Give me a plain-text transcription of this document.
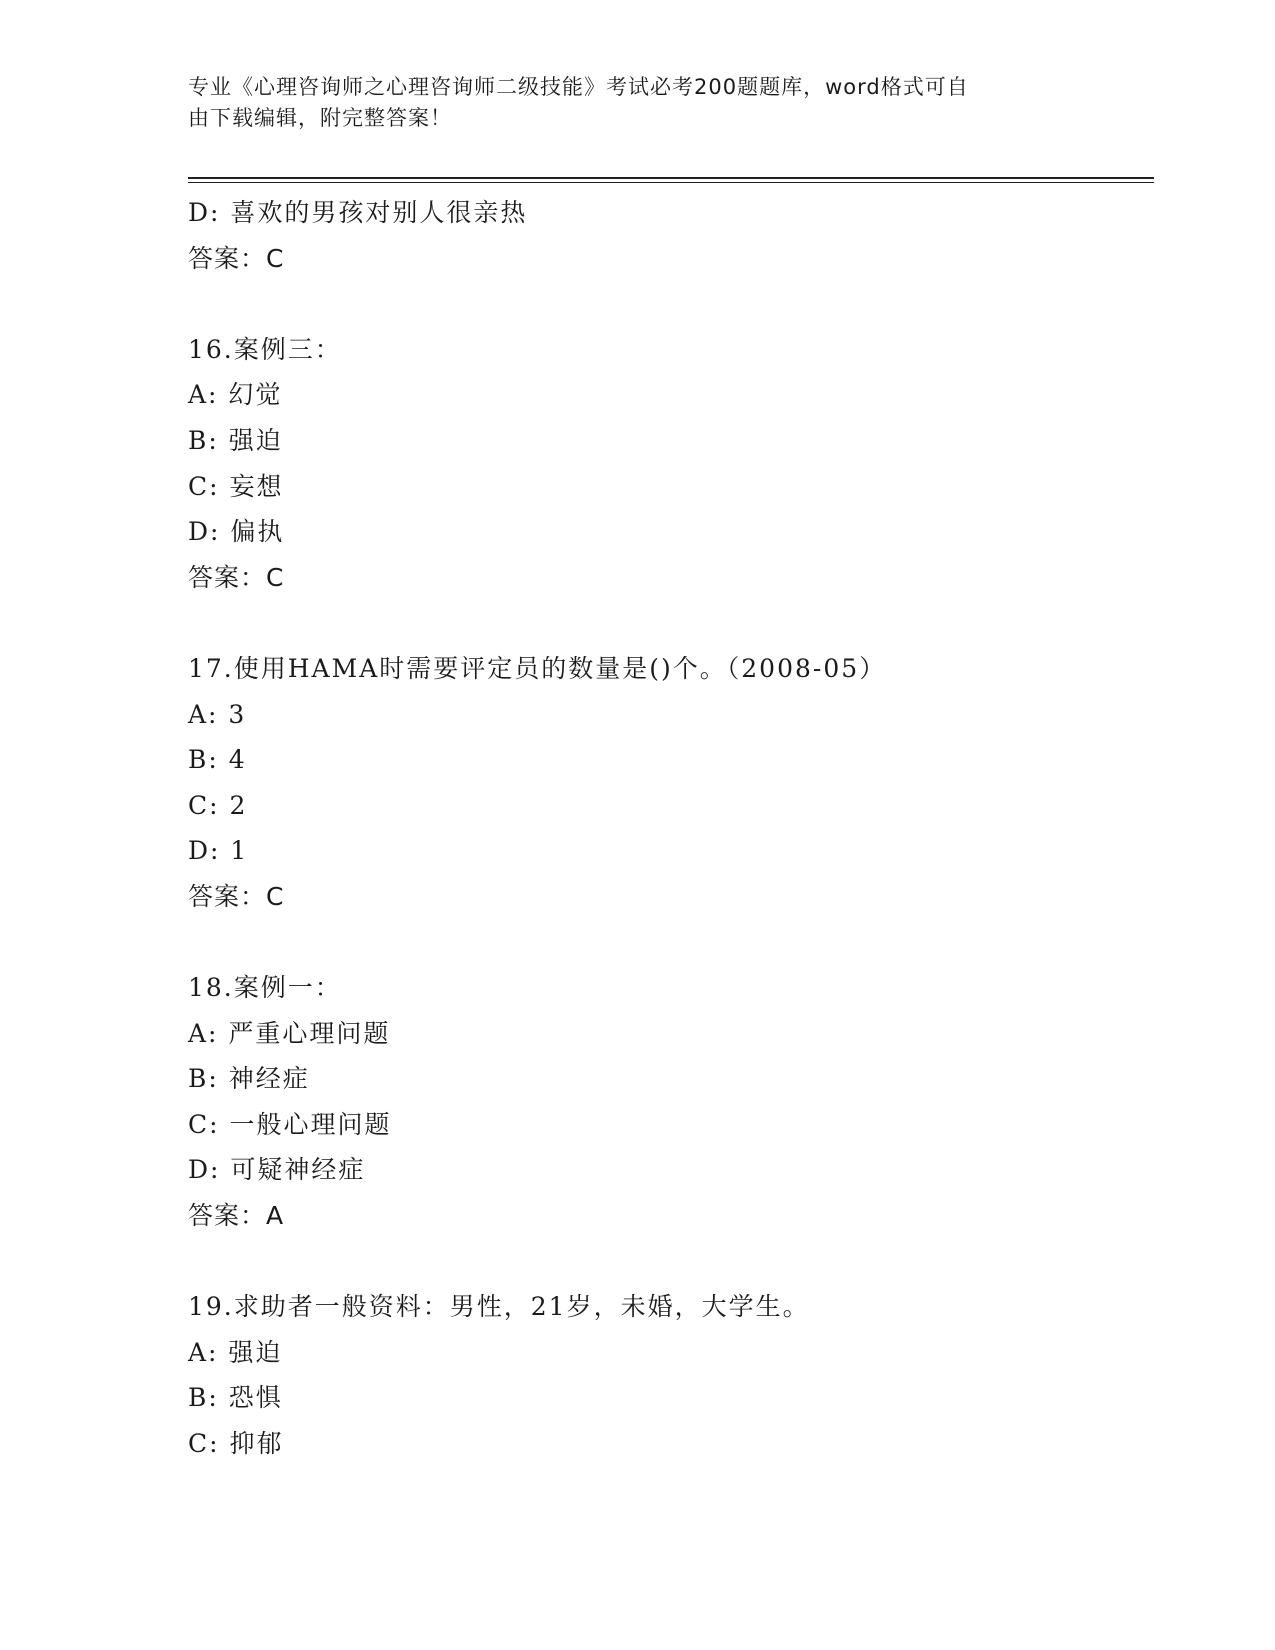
专业《心理咨询师之心理咨询师二级技能》考试必考200题题库，word格式可自
由下载编辑，附完整答案！
D: 喜欢的男孩对别人很亲热
答案：C
16.案例三：
A: 幻觉
B: 强迫
C: 妄想
D: 偏执
答案：C
17.使用HAMA时需要评定员的数量是()个。（2008-05）
A: 3
B: 4
C: 2
D: 1
答案：C
18.案例一：
A: 严重心理问题
B: 神经症
C: 一般心理问题
D: 可疑神经症
答案：A
19.求助者一般资料：男性，21岁，未婚，大学生。
A: 强迫
B: 恐惧
C: 抑郁
